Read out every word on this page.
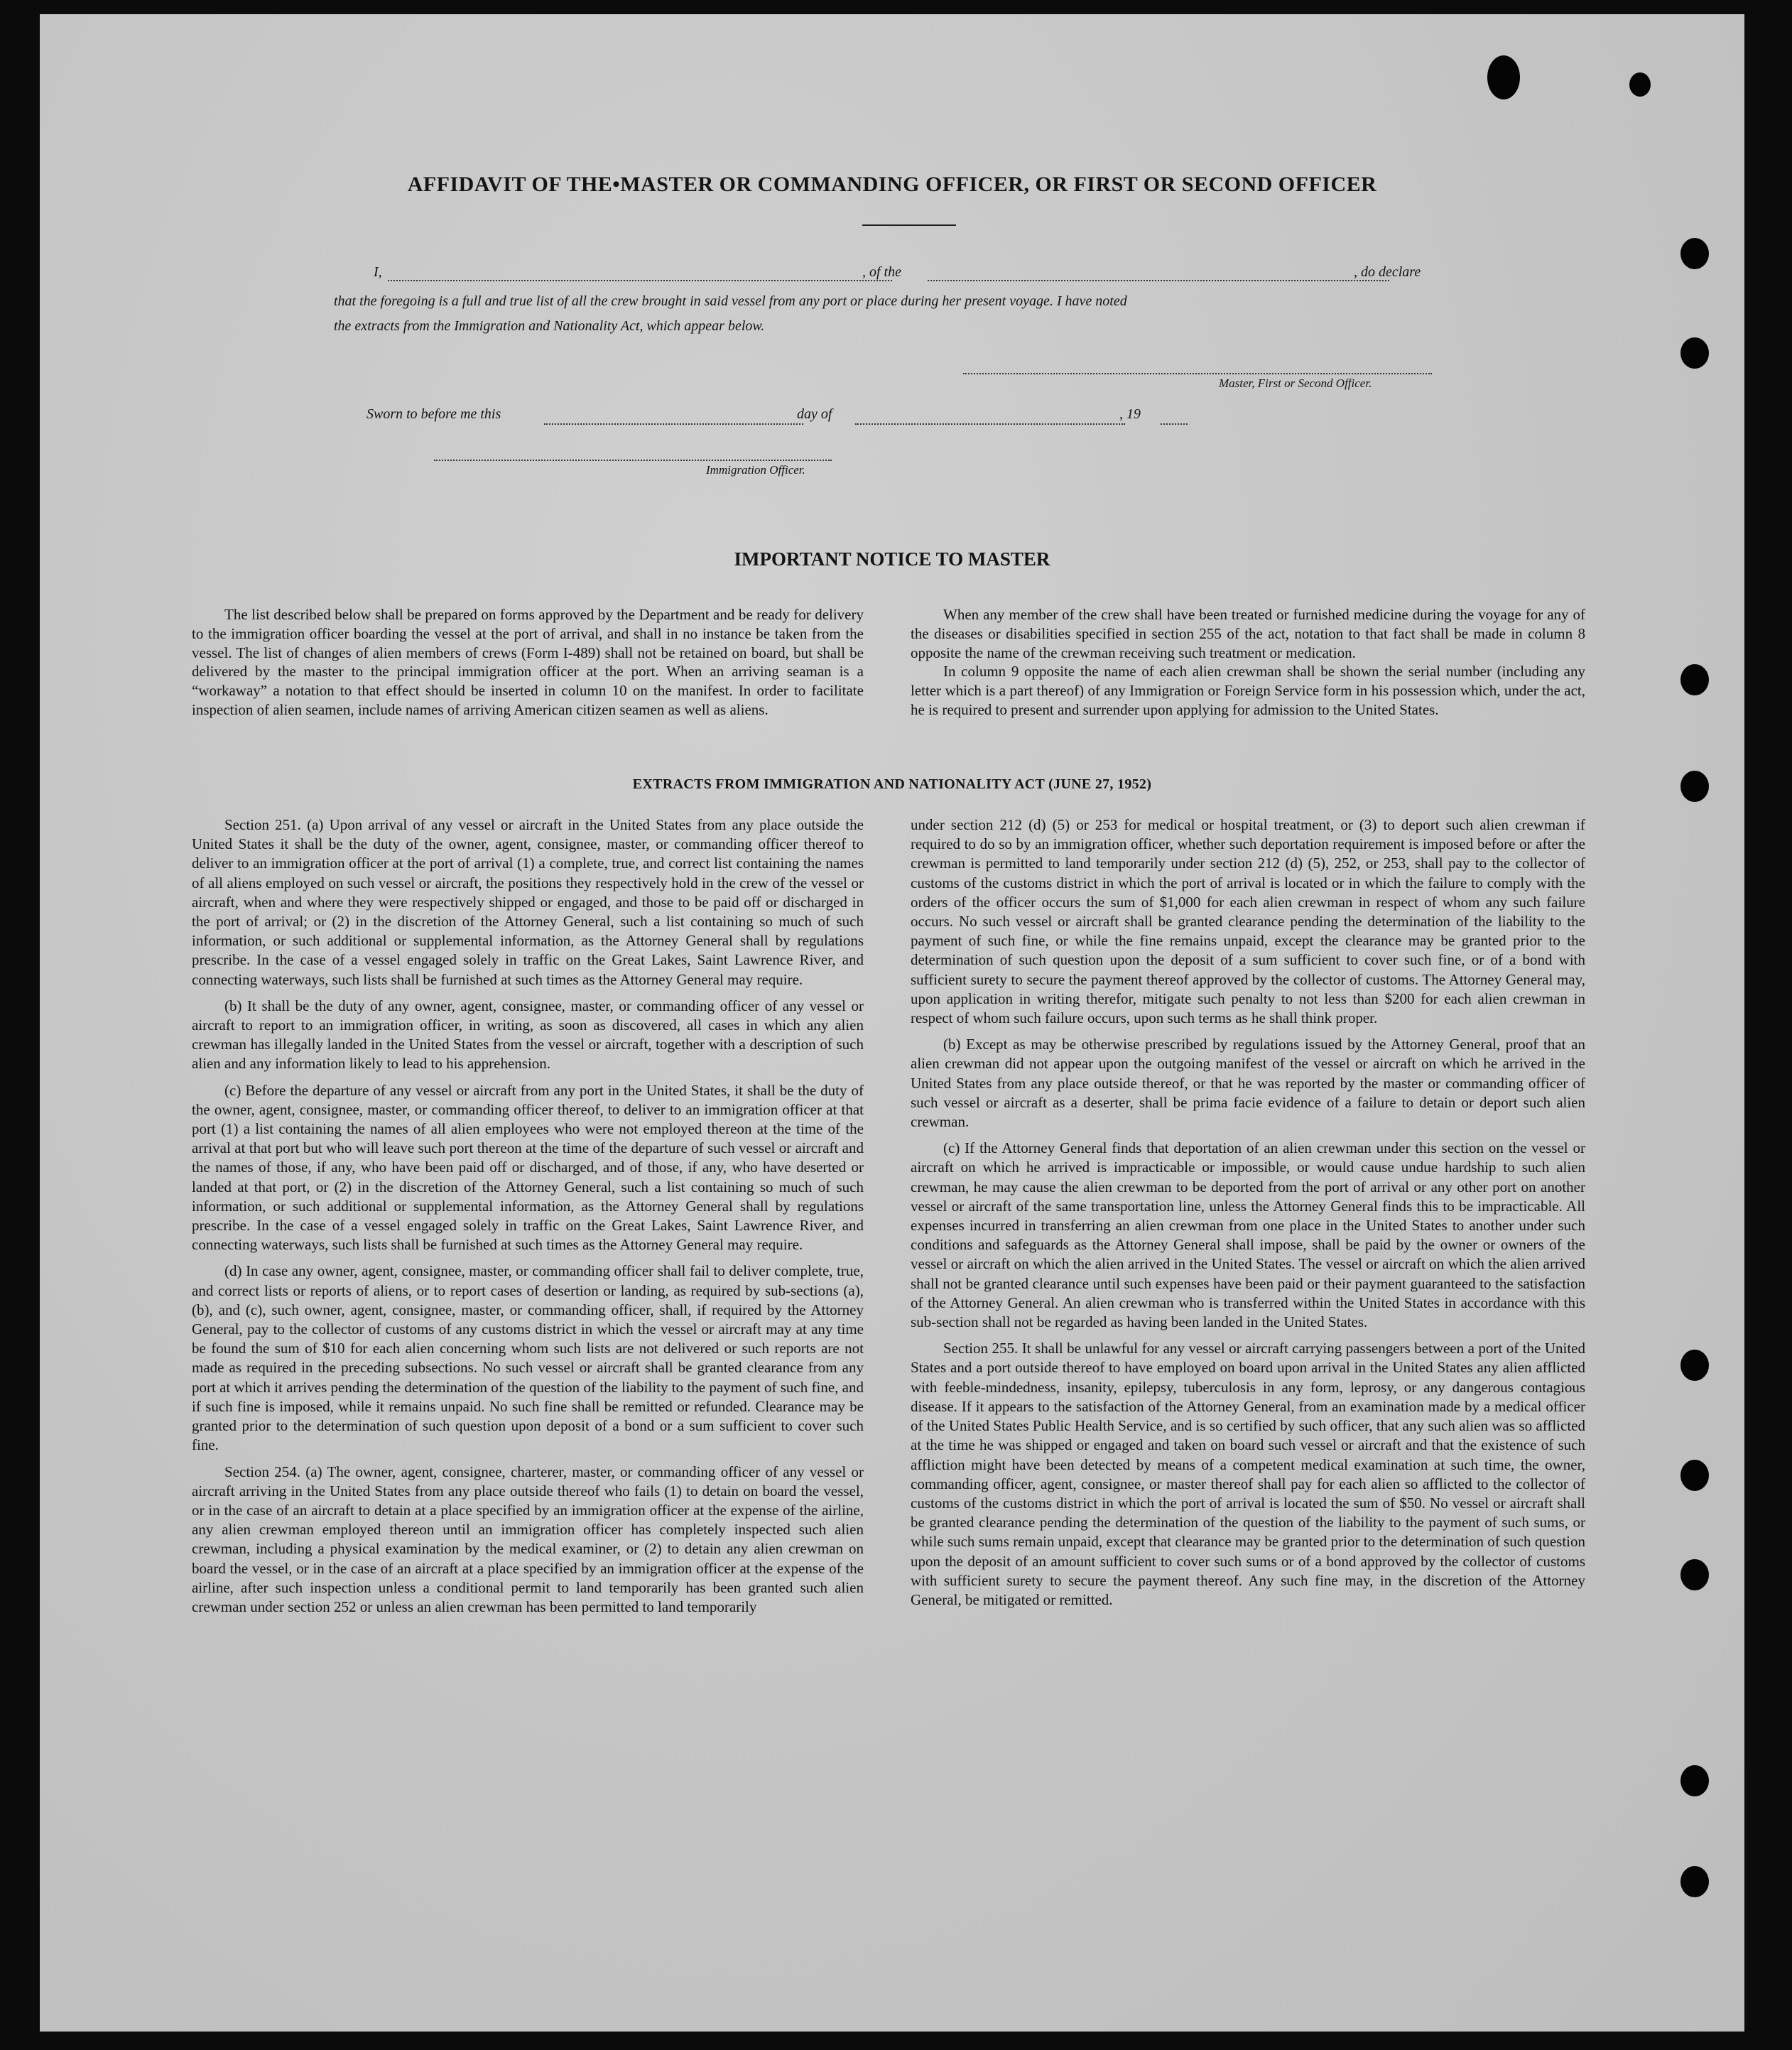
AFFIDAVIT OF THE•MASTER OR COMMANDING OFFICER, OR FIRST OR SECOND OFFICER
I,	, of the	, do declare
that the foregoing is a full and true list of all the crew brought in said vessel from any port or place during her present voyage. I have noted
the extracts from the Immigration and Nationality Act, which appear below.
Master, First or Second Officer.
Sworn to before me this	day of	, 19
Immigration Officer.
IMPORTANT NOTICE TO MASTER

The list described below shall be prepared on forms approved by the Department and be ready for delivery to the immigration officer boarding the vessel at the port of arrival, and shall in no instance be taken from the vessel. The list of changes of alien members of crews (Form I-489) shall not be retained on board, but shall be delivered by the master to the principal immigration officer at the port. When an arriving seaman is a “workaway” a notation to that effect should be inserted in column 10 on the manifest. In order to facilitate inspection of alien seamen, include names of arriving American citizen seamen as well as aliens.

When any member of the crew shall have been treated or furnished medicine during the voyage for any of the diseases or disabilities specified in section 255 of the act, notation to that fact shall be made in column 8 opposite the name of the crewman receiving such treatment or medication.

In column 9 opposite the name of each alien crewman shall be shown the serial number (including any letter which is a part thereof) of any Immigration or Foreign Service form in his possession which, under the act, he is required to present and surrender upon applying for admission to the United States.

EXTRACTS FROM IMMIGRATION AND NATIONALITY ACT (JUNE 27, 1952)

Section 251. (a) Upon arrival of any vessel or aircraft in the United States from any place outside the United States it shall be the duty of the owner, agent, consignee, master, or commanding officer thereof to deliver to an immigration officer at the port of arrival (1) a complete, true, and correct list containing the names of all aliens employed on such vessel or aircraft, the positions they respectively hold in the crew of the vessel or aircraft, when and where they were respectively shipped or engaged, and those to be paid off or discharged in the port of arrival; or (2) in the discretion of the Attorney General, such a list containing so much of such information, or such additional or supplemental information, as the Attorney General shall by regulations prescribe. In the case of a vessel engaged solely in traffic on the Great Lakes, Saint Lawrence River, and connecting waterways, such lists shall be furnished at such times as the Attorney General may require.

(b) It shall be the duty of any owner, agent, consignee, master, or commanding officer of any vessel or aircraft to report to an immigration officer, in writing, as soon as discovered, all cases in which any alien crewman has illegally landed in the United States from the vessel or aircraft, together with a description of such alien and any information likely to lead to his apprehension.

(c) Before the departure of any vessel or aircraft from any port in the United States, it shall be the duty of the owner, agent, consignee, master, or commanding officer thereof, to deliver to an immigration officer at that port (1) a list containing the names of all alien employees who were not employed thereon at the time of the arrival at that port but who will leave such port thereon at the time of the departure of such vessel or aircraft and the names of those, if any, who have been paid off or discharged, and of those, if any, who have deserted or landed at that port, or (2) in the discretion of the Attorney General, such a list containing so much of such information, or such additional or supplemental information, as the Attorney General shall by regulations prescribe. In the case of a vessel engaged solely in traffic on the Great Lakes, Saint Lawrence River, and connecting waterways, such lists shall be furnished at such times as the Attorney General may require.

(d) In case any owner, agent, consignee, master, or commanding officer shall fail to deliver complete, true, and correct lists or reports of aliens, or to report cases of desertion or landing, as required by sub-sections (a), (b), and (c), such owner, agent, consignee, master, or commanding officer, shall, if required by the Attorney General, pay to the collector of customs of any customs district in which the vessel or aircraft may at any time be found the sum of $10 for each alien concerning whom such lists are not delivered or such reports are not made as required in the preceding subsections. No such vessel or aircraft shall be granted clearance from any port at which it arrives pending the determination of the question of the liability to the payment of such fine, and if such fine is imposed, while it remains unpaid. No such fine shall be remitted or refunded. Clearance may be granted prior to the determination of such question upon deposit of a bond or a sum sufficient to cover such fine.

Section 254. (a) The owner, agent, consignee, charterer, master, or commanding officer of any vessel or aircraft arriving in the United States from any place outside thereof who fails (1) to detain on board the vessel, or in the case of an aircraft to detain at a place specified by an immigration officer at the expense of the airline, any alien crewman employed thereon until an immigration officer has completely inspected such alien crewman, including a physical examination by the medical examiner, or (2) to detain any alien crewman on board the vessel, or in the case of an aircraft at a place specified by an immigration officer at the expense of the airline, after such inspection unless a conditional permit to land temporarily has been granted such alien crewman under section 252 or unless an alien crewman has been permitted to land temporarily

under section 212 (d) (5) or 253 for medical or hospital treatment, or (3) to deport such alien crewman if required to do so by an immigration officer, whether such deportation requirement is imposed before or after the crewman is permitted to land temporarily under section 212 (d) (5), 252, or 253, shall pay to the collector of customs of the customs district in which the port of arrival is located or in which the failure to comply with the orders of the officer occurs the sum of $1,000 for each alien crewman in respect of whom any such failure occurs. No such vessel or aircraft shall be granted clearance pending the determination of the liability to the payment of such fine, or while the fine remains unpaid, except the clearance may be granted prior to the determination of such question upon the deposit of a sum sufficient to cover such fine, or of a bond with sufficient surety to secure the payment thereof approved by the collector of customs. The Attorney General may, upon application in writing therefor, mitigate such penalty to not less than $200 for each alien crewman in respect of whom such failure occurs, upon such terms as he shall think proper.

(b) Except as may be otherwise prescribed by regulations issued by the Attorney General, proof that an alien crewman did not appear upon the outgoing manifest of the vessel or aircraft on which he arrived in the United States from any place outside thereof, or that he was reported by the master or commanding officer of such vessel or aircraft as a deserter, shall be prima facie evidence of a failure to detain or deport such alien crewman.

(c) If the Attorney General finds that deportation of an alien crewman under this section on the vessel or aircraft on which he arrived is impracticable or impossible, or would cause undue hardship to such alien crewman, he may cause the alien crewman to be deported from the port of arrival or any other port on another vessel or aircraft of the same transportation line, unless the Attorney General finds this to be impracticable. All expenses incurred in transferring an alien crewman from one place in the United States to another under such conditions and safeguards as the Attorney General shall impose, shall be paid by the owner or owners of the vessel or aircraft on which the alien arrived in the United States. The vessel or aircraft on which the alien arrived shall not be granted clearance until such expenses have been paid or their payment guaranteed to the satisfaction of the Attorney General. An alien crewman who is transferred within the United States in accordance with this sub-section shall not be regarded as having been landed in the United States.

Section 255. It shall be unlawful for any vessel or aircraft carrying passengers between a port of the United States and a port outside thereof to have employed on board upon arrival in the United States any alien afflicted with feeble-mindedness, insanity, epilepsy, tuberculosis in any form, leprosy, or any dangerous contagious disease. If it appears to the satisfaction of the Attorney General, from an examination made by a medical officer of the United States Public Health Service, and is so certified by such officer, that any such alien was so afflicted at the time he was shipped or engaged and taken on board such vessel or aircraft and that the existence of such affliction might have been detected by means of a competent medical examination at such time, the owner, commanding officer, agent, consignee, or master thereof shall pay for each alien so afflicted to the collector of customs of the customs district in which the port of arrival is located the sum of $50. No vessel or aircraft shall be granted clearance pending the determination of the question of the liability to the payment of such sums, or while such sums remain unpaid, except that clearance may be granted prior to the determination of such question upon the deposit of an amount sufficient to cover such sums or of a bond approved by the collector of customs with sufficient surety to secure the payment thereof. Any such fine may, in the discretion of the Attorney General, be mitigated or remitted.
